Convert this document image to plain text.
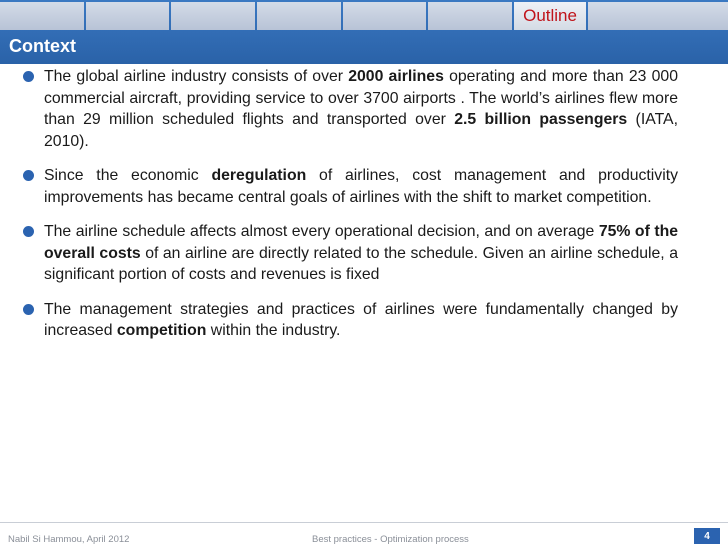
Outline
Context
The global airline industry consists of over 2000 airlines operating and more than 23 000 commercial aircraft, providing service to over 3700 airports . The world’s airlines flew more than 29 million scheduled flights and transported over 2.5 billion passengers (IATA, 2010).
Since the economic deregulation of airlines, cost management and productivity improvements has became central goals of airlines with the shift to market competition.
The airline schedule affects almost every operational decision, and on average 75% of the overall costs of an airline are directly related to the schedule. Given an airline schedule, a significant portion of costs and revenues is fixed
The management strategies and practices of airlines were fundamentally changed by increased competition within the industry.
Nabil Si Hammou, April 2012	Best practices - Optimization process	4
